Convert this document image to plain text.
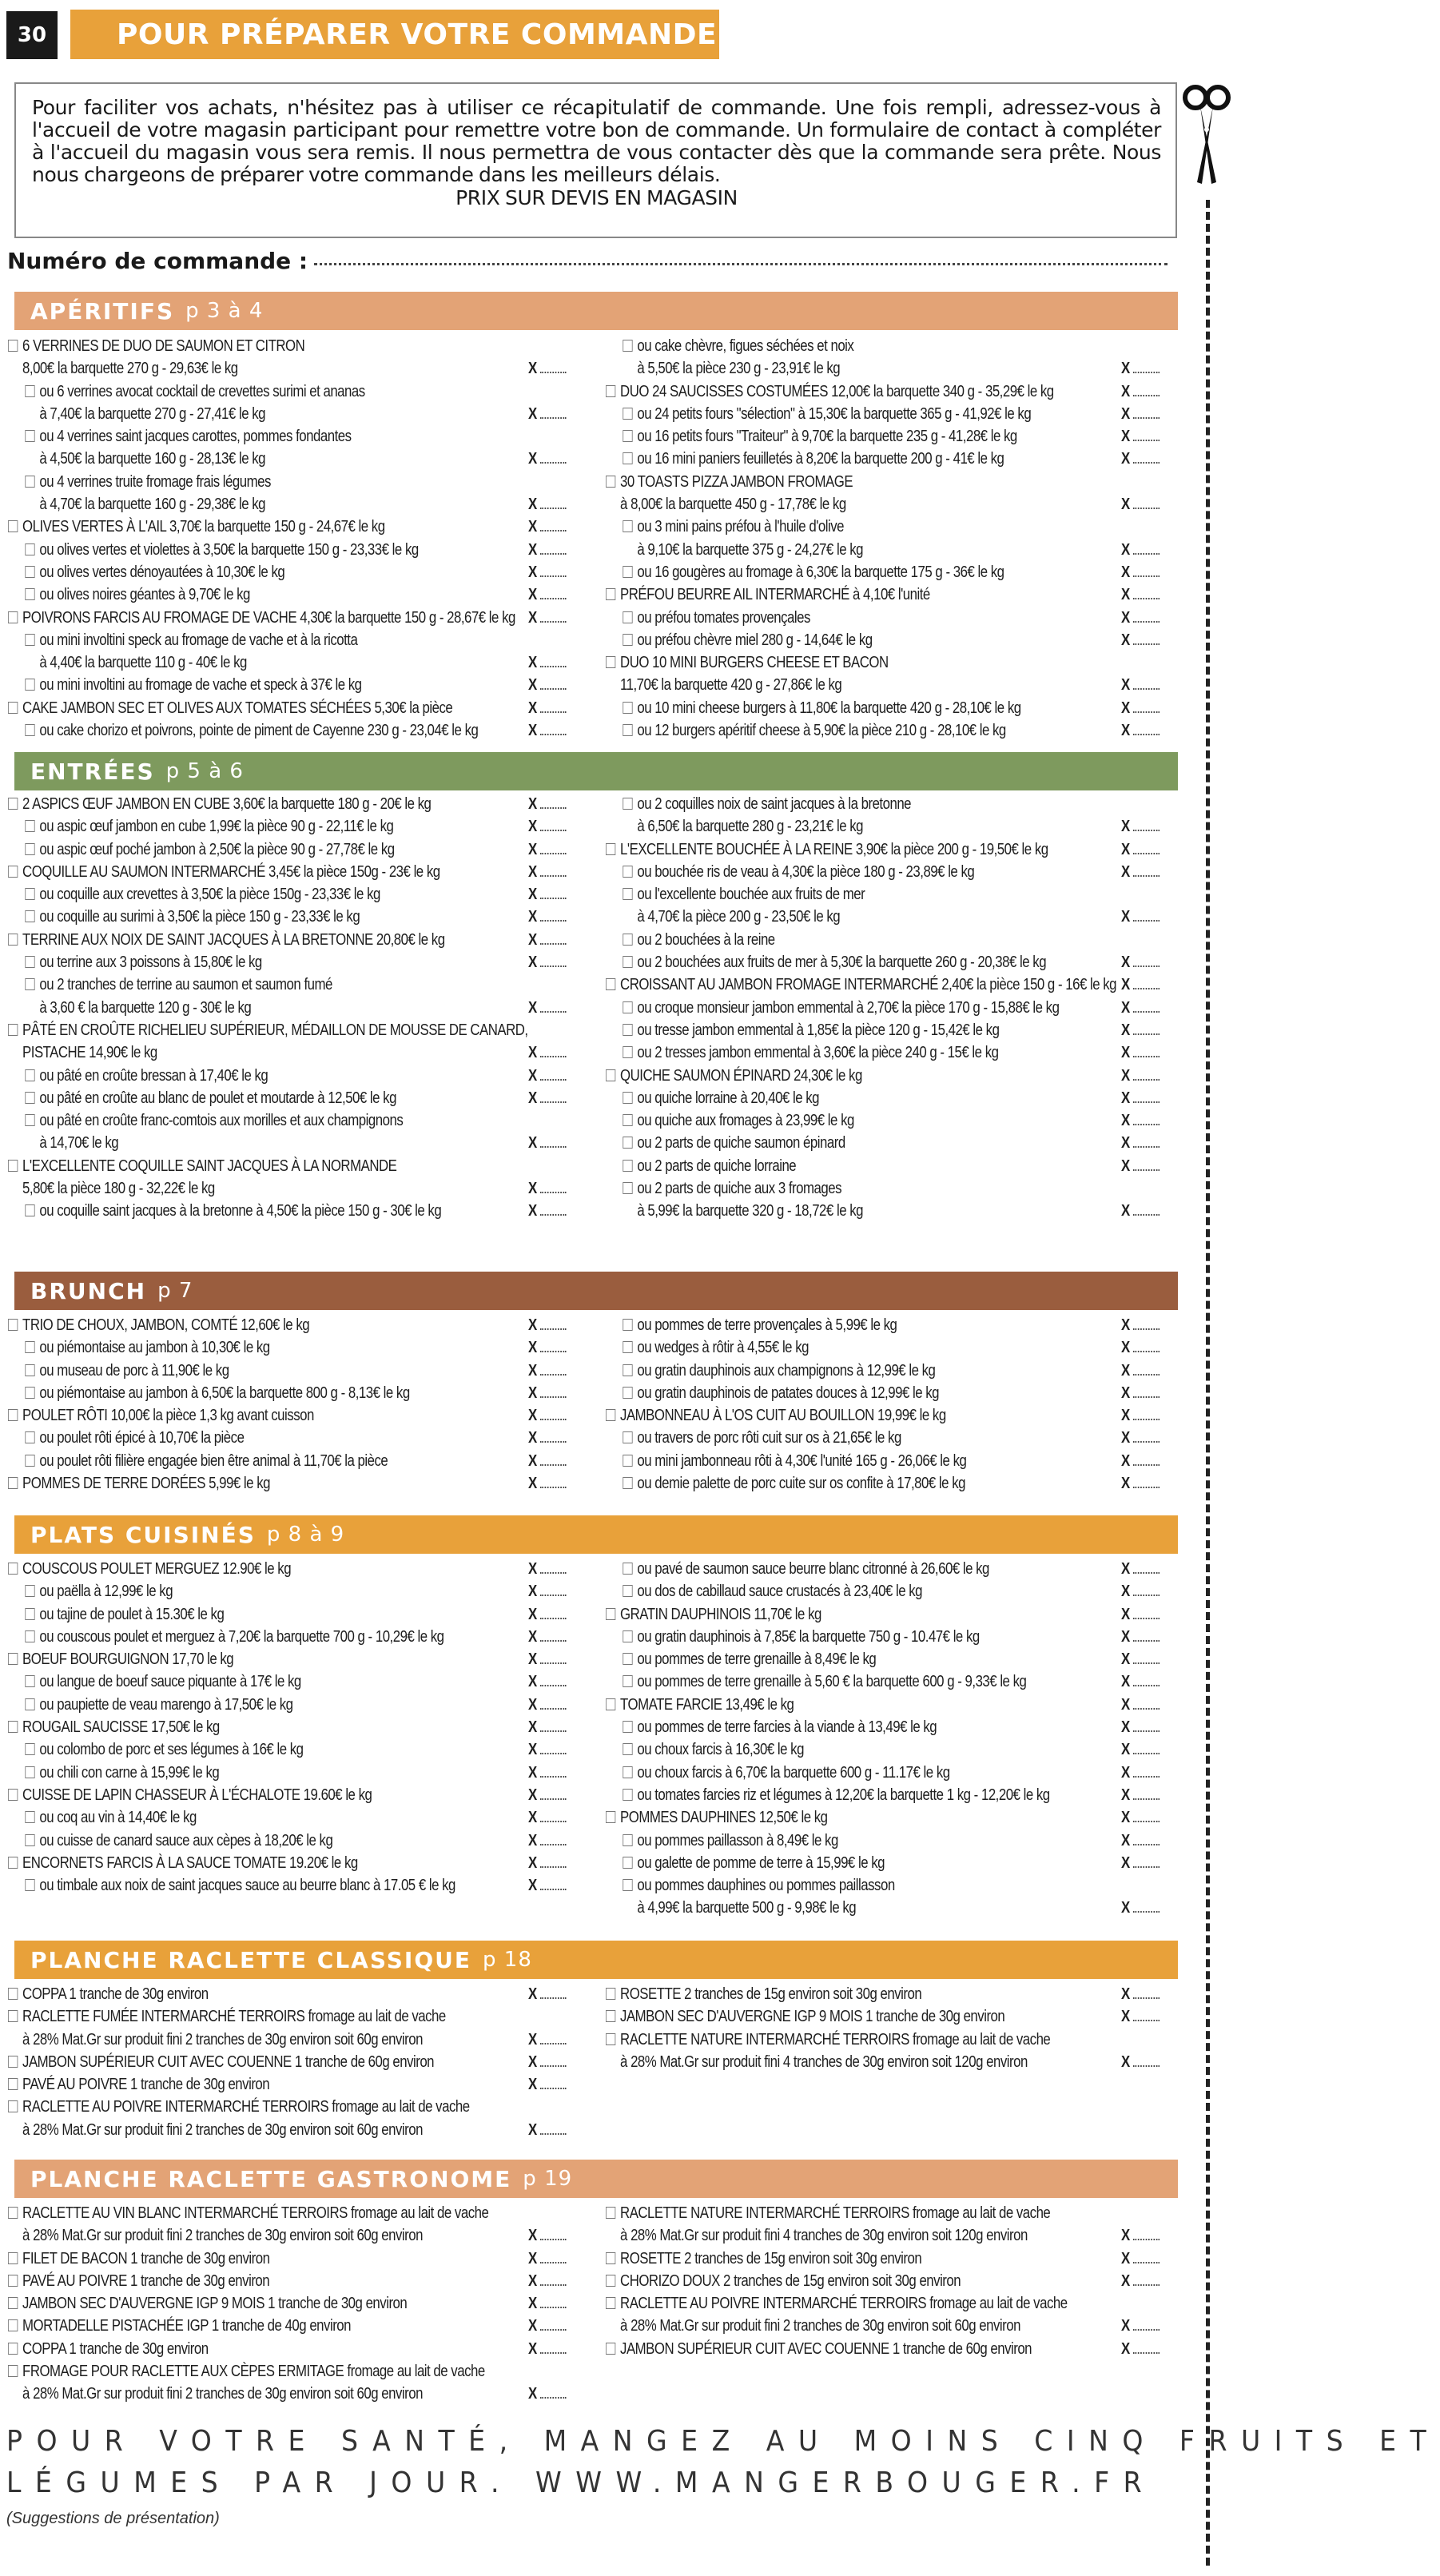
30	POUR PRÉPARER VOTRE COMMANDE

Pour faciliter vos achats, n'hésitez pas à utiliser ce récapitulatif de commande. Une fois rempli, adressez-vous à l'accueil de votre magasin participant pour remettre votre bon de commande. Un formulaire de contact à compléter à l'accueil du magasin vous sera remis. Il nous permettra de vous contacter dès que la commande sera prête. Nous nous chargeons de préparer votre commande dans les meilleurs délais.

PRIX SUR DEVIS EN MAGASIN

Numéro de commande :
APÉRITIFS p 3 à 4
6 VERRINES DE DUO DE SAUMON ET CITRON
8,00€ la barquette 270 g - 29,63€ le kg	X
ou 6 verrines avocat cocktail de crevettes surimi et ananas
à 7,40€ la barquette 270 g - 27,41€ le kg	X
ou 4 verrines saint jacques carottes, pommes fondantes
à 4,50€ la barquette 160 g - 28,13€ le kg	X
ou 4 verrines truite fromage frais légumes
à 4,70€ la barquette 160 g - 29,38€ le kg	X
OLIVES VERTES À L'AIL 3,70€ la barquette 150 g - 24,67€ le kg	X
ou olives vertes et violettes à 3,50€ la barquette 150 g - 23,33€ le kg	X
ou olives vertes dénoyautées à 10,30€ le kg	X
ou olives noires géantes à 9,70€ le kg	X
POIVRONS FARCIS AU FROMAGE DE VACHE 4,30€ la barquette 150 g - 28,67€ le kg X
ou mini involtini speck au fromage de vache et à la ricotta
à 4,40€ la barquette 110 g - 40€ le kg	X
ou mini involtini au fromage de vache et speck à 37€ le kg	X
CAKE JAMBON SEC ET OLIVES AUX TOMATES SÉCHÉES 5,30€ la pièce	X
ou cake chorizo et poivrons, pointe de piment de Cayenne 230 g - 23,04€ le kg	X
ou cake chèvre, figues séchées et noix
à 5,50€ la pièce 230 g - 23,91€ le kg	X
DUO 24 SAUCISSES COSTUMÉES 12,00€ la barquette 340 g - 35,29€ le kg	X
ou 24 petits fours "sélection" à 15,30€ la barquette 365 g - 41,92€ le kg	X
ou 16 petits fours "Traiteur" à 9,70€ la barquette 235 g - 41,28€ le kg	X
ou 16 mini paniers feuilletés à 8,20€ la barquette 200 g - 41€ le kg	X
30 TOASTS PIZZA JAMBON FROMAGE
à 8,00€ la barquette 450 g - 17,78€ le kg	X
ou 3 mini pains préfou à l'huile d'olive
à 9,10€ la barquette 375 g - 24,27€ le kg	X
ou 16 gougères au fromage à 6,30€ la barquette 175 g - 36€ le kg	X
PRÉFOU BEURRE AIL INTERMARCHÉ à 4,10€ l'unité	X
ou préfou tomates provençales	X
ou préfou chèvre miel 280 g - 14,64€ le kg	X
DUO 10 MINI BURGERS CHEESE ET BACON
11,70€ la barquette 420 g - 27,86€ le kg	X
ou 10 mini cheese burgers à 11,80€ la barquette 420 g - 28,10€ le kg	X
ou 12 burgers apéritif cheese à 5,90€ la pièce 210 g - 28,10€ le kg	X
ENTRÉES p 5 à 6
2 ASPICS ŒUF JAMBON EN CUBE 3,60€ la barquette 180 g - 20€ le kg	X
ou aspic œuf jambon en cube 1,99€ la pièce 90 g - 22,11€ le kg	X
ou aspic œuf poché jambon à 2,50€ la pièce 90 g - 27,78€ le kg	X
COQUILLE AU SAUMON INTERMARCHÉ 3,45€ la pièce 150g - 23€ le kg	X
ou coquille aux crevettes à 3,50€ la pièce 150g - 23,33€ le kg	X
ou coquille au surimi à 3,50€ la pièce 150 g - 23,33€ le kg	X
TERRINE AUX NOIX DE SAINT JACQUES À LA BRETONNE 20,80€ le kg	X
ou terrine aux 3 poissons à 15,80€ le kg	X
ou 2 tranches de terrine au saumon et saumon fumé
à 3,60 € la barquette 120 g - 30€ le kg	X
PÂTÉ EN CROÛTE RICHELIEU SUPÉRIEUR, MÉDAILLON DE MOUSSE DE CANARD,
PISTACHE 14,90€ le kg	X
ou pâté en croûte bressan à 17,40€ le kg	X
ou pâté en croûte au blanc de poulet et moutarde à 12,50€ le kg	X
ou pâté en croûte franc-comtois aux morilles et aux champignons
à 14,70€ le kg	X
L'EXCELLENTE COQUILLE SAINT JACQUES À LA NORMANDE
5,80€ la pièce 180 g - 32,22€ le kg	X
ou coquille saint jacques à la bretonne à 4,50€ la pièce 150 g - 30€ le kg	X
ou 2 coquilles noix de saint jacques à la bretonne
à 6,50€ la barquette 280 g - 23,21€ le kg	X
L'EXCELLENTE BOUCHÉE À LA REINE 3,90€ la pièce 200 g - 19,50€ le kg	X
ou bouchée ris de veau à 4,30€ la pièce 180 g - 23,89€ le kg	X
ou l'excellente bouchée aux fruits de mer
à 4,70€ la pièce 200 g - 23,50€ le kg	X
ou 2 bouchées à la reine
ou 2 bouchées aux fruits de mer à 5,30€ la barquette 260 g - 20,38€ le kg	X
CROISSANT AU JAMBON FROMAGE INTERMARCHÉ 2,40€ la pièce 150 g - 16€ le kg X
ou croque monsieur jambon emmental à 2,70€ la pièce 170 g - 15,88€ le kg	X
ou tresse jambon emmental à 1,85€ la pièce 120 g - 15,42€ le kg	X
ou 2 tresses jambon emmental à 3,60€ la pièce 240 g - 15€ le kg	X
QUICHE SAUMON ÉPINARD 24,30€ le kg	X
ou quiche lorraine à 20,40€ le kg	X
ou quiche aux fromages à 23,99€ le kg	X
ou 2 parts de quiche saumon épinard	X
ou 2 parts de quiche lorraine	X
ou 2 parts de quiche aux 3 fromages
à 5,99€ la barquette 320 g - 18,72€ le kg	X
BRUNCH p 7
TRIO DE CHOUX, JAMBON, COMTÉ 12,60€ le kg	X
ou piémontaise au jambon à 10,30€ le kg	X
ou museau de porc à 11,90€ le kg	X
ou piémontaise au jambon à 6,50€ la barquette 800 g - 8,13€ le kg	X
POULET RÔTI 10,00€ la pièce 1,3 kg avant cuisson	X
ou poulet rôti épicé à 10,70€ la pièce	X
ou poulet rôti filière engagée bien être animal à 11,70€ la pièce	X
POMMES DE TERRE DORÉES 5,99€ le kg	X
ou pommes de terre provençales à 5,99€ le kg	X
ou wedges à rôtir à 4,55€ le kg	X
ou gratin dauphinois aux champignons à 12,99€ le kg	X
ou gratin dauphinois de patates douces à 12,99€ le kg	X
JAMBONNEAU À L'OS CUIT AU BOUILLON 19,99€ le kg	X
ou travers de porc rôti cuit sur os à 21,65€ le kg	X
ou mini jambonneau rôti à 4,30€ l'unité 165 g - 26,06€ le kg	X
ou demie palette de porc cuite sur os confite à 17,80€ le kg	X
PLATS CUISINÉS p 8 à 9
COUSCOUS POULET MERGUEZ 12.90€ le kg	X
ou paëlla à 12,99€ le kg	X
ou tajine de poulet à 15.30€ le kg	X
ou couscous poulet et merguez à 7,20€ la barquette 700 g - 10,29€ le kg	X
BOEUF BOURGUIGNON 17,70 le kg	X
ou langue de boeuf sauce piquante à 17€ le kg	X
ou paupiette de veau marengo à 17,50€ le kg	X
ROUGAIL SAUCISSE 17,50€ le kg	X
ou colombo de porc et ses légumes à 16€ le kg	X
ou chili con carne à 15,99€ le kg	X
CUISSE DE LAPIN CHASSEUR À L'ÉCHALOTE 19.60€ le kg	X
ou coq au vin à 14,40€ le kg	X
ou cuisse de canard sauce aux cèpes à 18,20€ le kg	X
ENCORNETS FARCIS À LA SAUCE TOMATE 19.20€ le kg	X
ou timbale aux noix de saint jacques sauce au beurre blanc à 17.05 € le kg	X
ou pavé de saumon sauce beurre blanc citronné à 26,60€ le kg	X
ou dos de cabillaud sauce crustacés à 23,40€ le kg	X
GRATIN DAUPHINOIS 11,70€ le kg	X
ou gratin dauphinois à 7,85€ la barquette 750 g - 10.47€ le kg	X
ou pommes de terre grenaille à 8,49€ le kg	X
ou pommes de terre grenaille à 5,60 € la barquette 600 g - 9,33€ le kg	X
TOMATE FARCIE 13,49€ le kg	X
ou pommes de terre farcies à la viande à 13,49€ le kg	X
ou choux farcis à 16,30€ le kg	X
ou choux farcis à 6,70€ la barquette 600 g - 11.17€ le kg	X
ou tomates farcies riz et légumes à 12,20€ la barquette 1 kg - 12,20€ le kg	X
POMMES DAUPHINES 12,50€ le kg	X
ou pommes paillasson à 8,49€ le kg	X
ou galette de pomme de terre à 15,99€ le kg	X
ou pommes dauphines ou pommes paillasson
à 4,99€ la barquette 500 g - 9,98€ le kg	X
PLANCHE RACLETTE CLASSIQUE p 18
COPPA 1 tranche de 30g environ	X
RACLETTE FUMÉE INTERMARCHÉ TERROIRS fromage au lait de vache
à 28% Mat.Gr sur produit fini 2 tranches de 30g environ soit 60g environ	X
JAMBON SUPÉRIEUR CUIT AVEC COUENNE 1 tranche de 60g environ	X
PAVÉ AU POIVRE 1 tranche de 30g environ	X
RACLETTE AU POIVRE INTERMARCHÉ TERROIRS fromage au lait de vache
à 28% Mat.Gr sur produit fini 2 tranches de 30g environ soit 60g environ	X
ROSETTE 2 tranches de 15g environ soit 30g environ	X
JAMBON SEC D'AUVERGNE IGP 9 MOIS 1 tranche de 30g environ	X
RACLETTE NATURE INTERMARCHÉ TERROIRS fromage au lait de vache
à 28% Mat.Gr sur produit fini 4 tranches de 30g environ soit 120g environ	X
PLANCHE RACLETTE GASTRONOME p 19
RACLETTE AU VIN BLANC INTERMARCHÉ TERROIRS fromage au lait de vache
à 28% Mat.Gr sur produit fini 2 tranches de 30g environ soit 60g environ	X
FILET DE BACON 1 tranche de 30g environ	X
PAVÉ AU POIVRE 1 tranche de 30g environ	X
JAMBON SEC D'AUVERGNE IGP 9 MOIS 1 tranche de 30g environ	X
MORTADELLE PISTACHÉE IGP 1 tranche de 40g environ	X
COPPA 1 tranche de 30g environ	X
FROMAGE POUR RACLETTE AUX CÈPES ERMITAGE fromage au lait de vache
à 28% Mat.Gr sur produit fini 2 tranches de 30g environ soit 60g environ	X
RACLETTE NATURE INTERMARCHÉ TERROIRS fromage au lait de vache
à 28% Mat.Gr sur produit fini 4 tranches de 30g environ soit 120g environ	X
ROSETTE 2 tranches de 15g environ soit 30g environ	X
CHORIZO DOUX 2 tranches de 15g environ soit 30g environ	X
RACLETTE AU POIVRE INTERMARCHÉ TERROIRS fromage au lait de vache
à 28% Mat.Gr sur produit fini 2 tranches de 30g environ soit 60g environ	X
JAMBON SUPÉRIEUR CUIT AVEC COUENNE 1 tranche de 60g environ	X
POUR VOTRE SANTÉ, MANGEZ AU MOINS CINQ FRUITS ET
LÉGUMES PAR JOUR. WWW.MANGERBOUGER.FR
(Suggestions de présentation)
